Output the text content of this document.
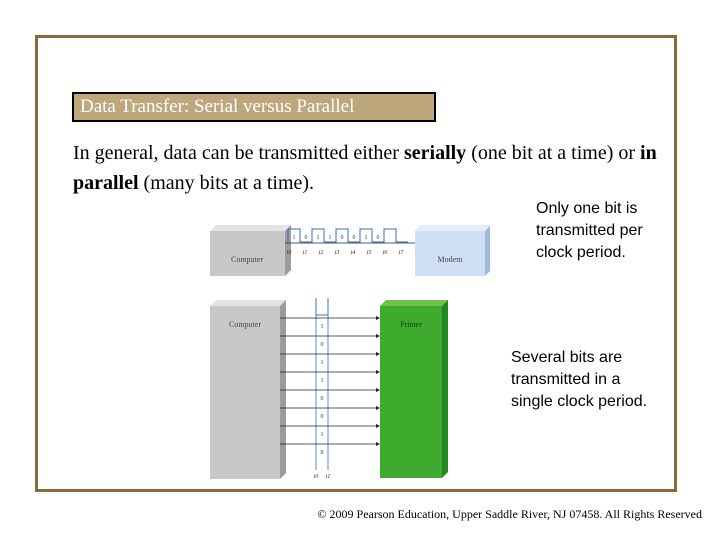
Data Transfer: Serial versus Parallel
In general, data can be transmitted either serially (one bit at a time) or in parallel (many bits at a time).
Computer	Modem
1 0 1 1 0 0 1 0
t0 t1 t2 t3 t4 t5 t6 t7
Computer	Printer
1
0
1
1
0
0
1
0
t0 t1
Only one bit is transmitted per clock period.
Several bits are transmitted in a single clock period.
© 2009 Pearson Education, Upper Saddle River, NJ 07458. All Rights Reserved
